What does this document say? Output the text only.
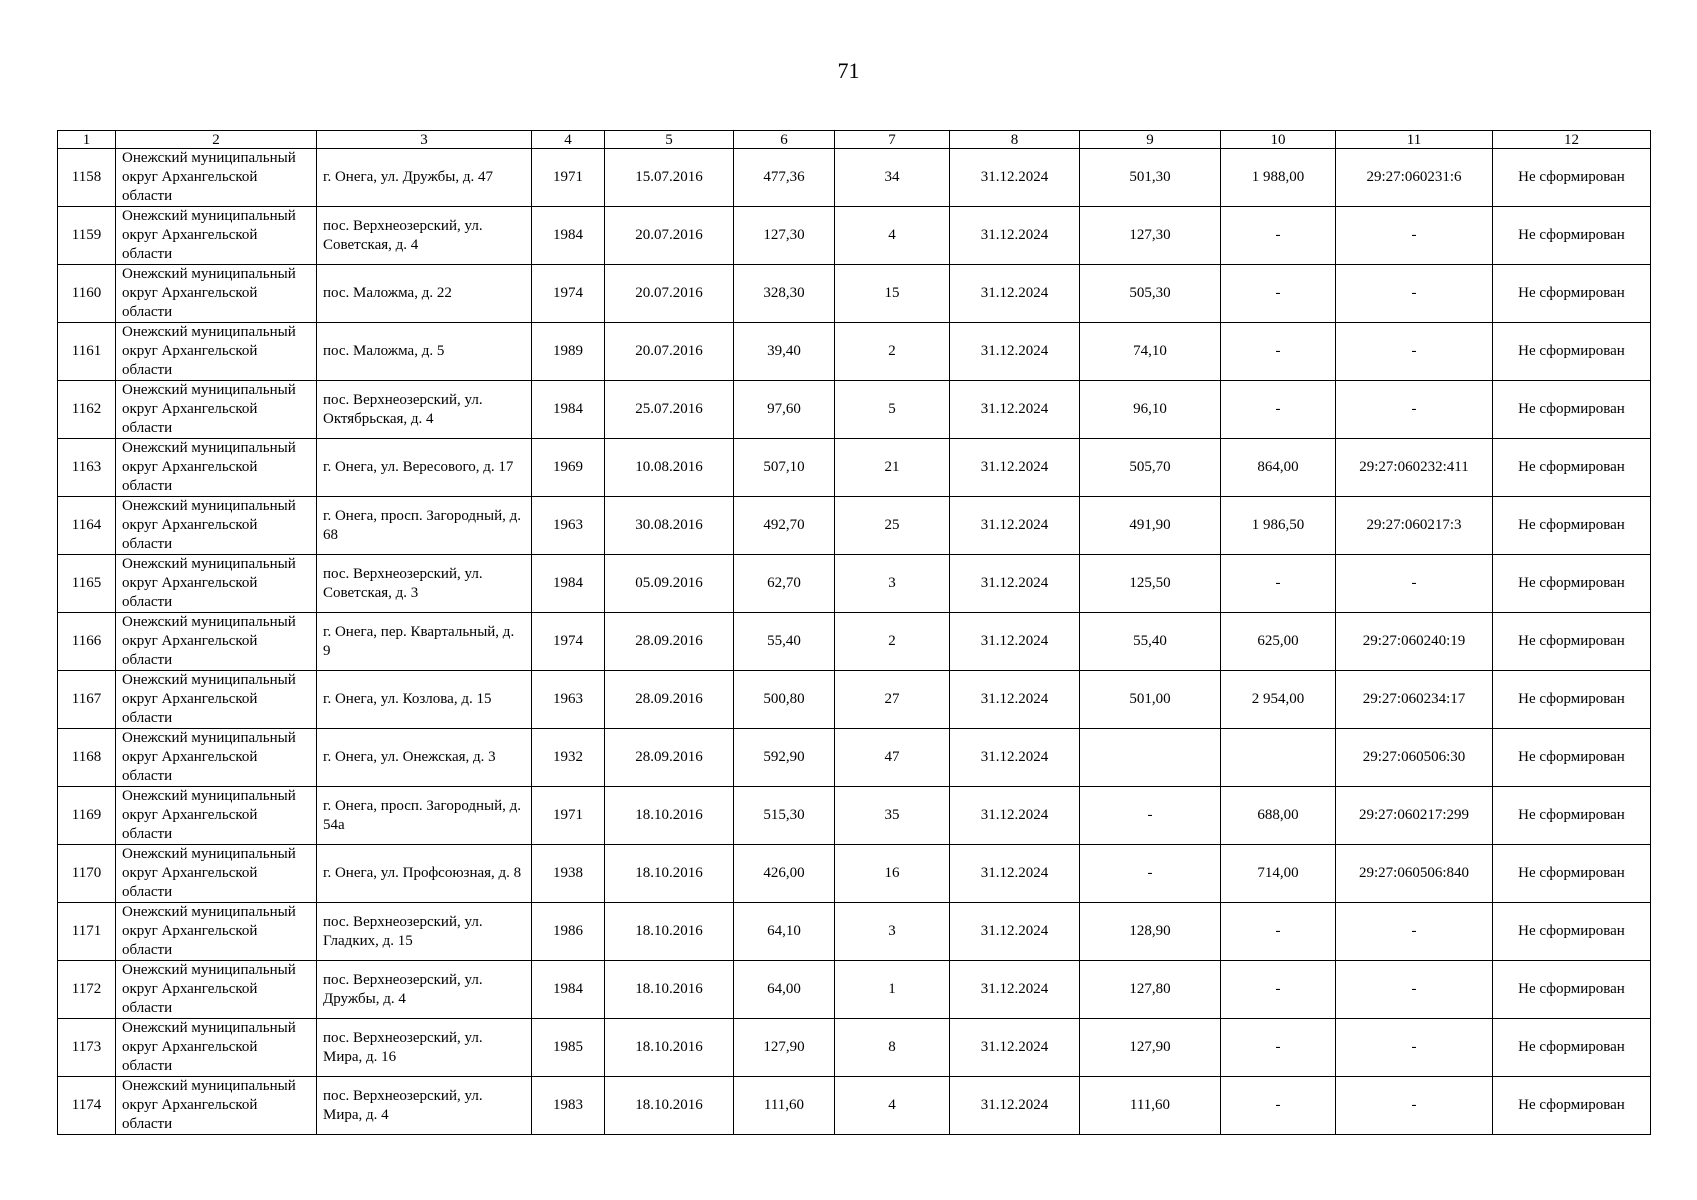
71
1	2	3	4	5	6	7	8	9	10	11	12
1158	Онежский муниципальный округ Архангельской области	г. Онега, ул. Дружбы, д. 47	1971	15.07.2016	477,36	34	31.12.2024	501,30	1 988,00	29:27:060231:6	Не сформирован
1159	Онежский муниципальный округ Архангельской области	пос. Верхнеозерский, ул. Советская, д. 4	1984	20.07.2016	127,30	4	31.12.2024	127,30	-	-	Не сформирован
1160	Онежский муниципальный округ Архангельской области	пос. Маложма, д. 22	1974	20.07.2016	328,30	15	31.12.2024	505,30	-	-	Не сформирован
1161	Онежский муниципальный округ Архангельской области	пос. Маложма, д. 5	1989	20.07.2016	39,40	2	31.12.2024	74,10	-	-	Не сформирован
1162	Онежский муниципальный округ Архангельской области	пос. Верхнеозерский, ул. Октябрьская, д. 4	1984	25.07.2016	97,60	5	31.12.2024	96,10	-	-	Не сформирован
1163	Онежский муниципальный округ Архангельской области	г. Онега, ул. Вересового, д. 17	1969	10.08.2016	507,10	21	31.12.2024	505,70	864,00	29:27:060232:411	Не сформирован
1164	Онежский муниципальный округ Архангельской области	г. Онега, просп. Загородный, д. 68	1963	30.08.2016	492,70	25	31.12.2024	491,90	1 986,50	29:27:060217:3	Не сформирован
1165	Онежский муниципальный округ Архангельской области	пос. Верхнеозерский, ул. Советская, д. 3	1984	05.09.2016	62,70	3	31.12.2024	125,50	-	-	Не сформирован
1166	Онежский муниципальный округ Архангельской области	г. Онега, пер. Квартальный, д. 9	1974	28.09.2016	55,40	2	31.12.2024	55,40	625,00	29:27:060240:19	Не сформирован
1167	Онежский муниципальный округ Архангельской области	г. Онега, ул. Козлова, д. 15	1963	28.09.2016	500,80	27	31.12.2024	501,00	2 954,00	29:27:060234:17	Не сформирован
1168	Онежский муниципальный округ Архангельской области	г. Онега, ул. Онежская, д. 3	1932	28.09.2016	592,90	47	31.12.2024			29:27:060506:30	Не сформирован
1169	Онежский муниципальный округ Архангельской области	г. Онега, просп. Загородный, д. 54а	1971	18.10.2016	515,30	35	31.12.2024	-	688,00	29:27:060217:299	Не сформирован
1170	Онежский муниципальный округ Архангельской области	г. Онега, ул. Профсоюзная, д. 8	1938	18.10.2016	426,00	16	31.12.2024	-	714,00	29:27:060506:840	Не сформирован
1171	Онежский муниципальный округ Архангельской области	пос. Верхнеозерский, ул. Гладких, д. 15	1986	18.10.2016	64,10	3	31.12.2024	128,90	-	-	Не сформирован
1172	Онежский муниципальный округ Архангельской области	пос. Верхнеозерский, ул. Дружбы, д. 4	1984	18.10.2016	64,00	1	31.12.2024	127,80	-	-	Не сформирован
1173	Онежский муниципальный округ Архангельской области	пос. Верхнеозерский, ул. Мира, д. 16	1985	18.10.2016	127,90	8	31.12.2024	127,90	-	-	Не сформирован
1174	Онежский муниципальный округ Архангельской области	пос. Верхнеозерский, ул. Мира, д. 4	1983	18.10.2016	111,60	4	31.12.2024	111,60	-	-	Не сформирован
